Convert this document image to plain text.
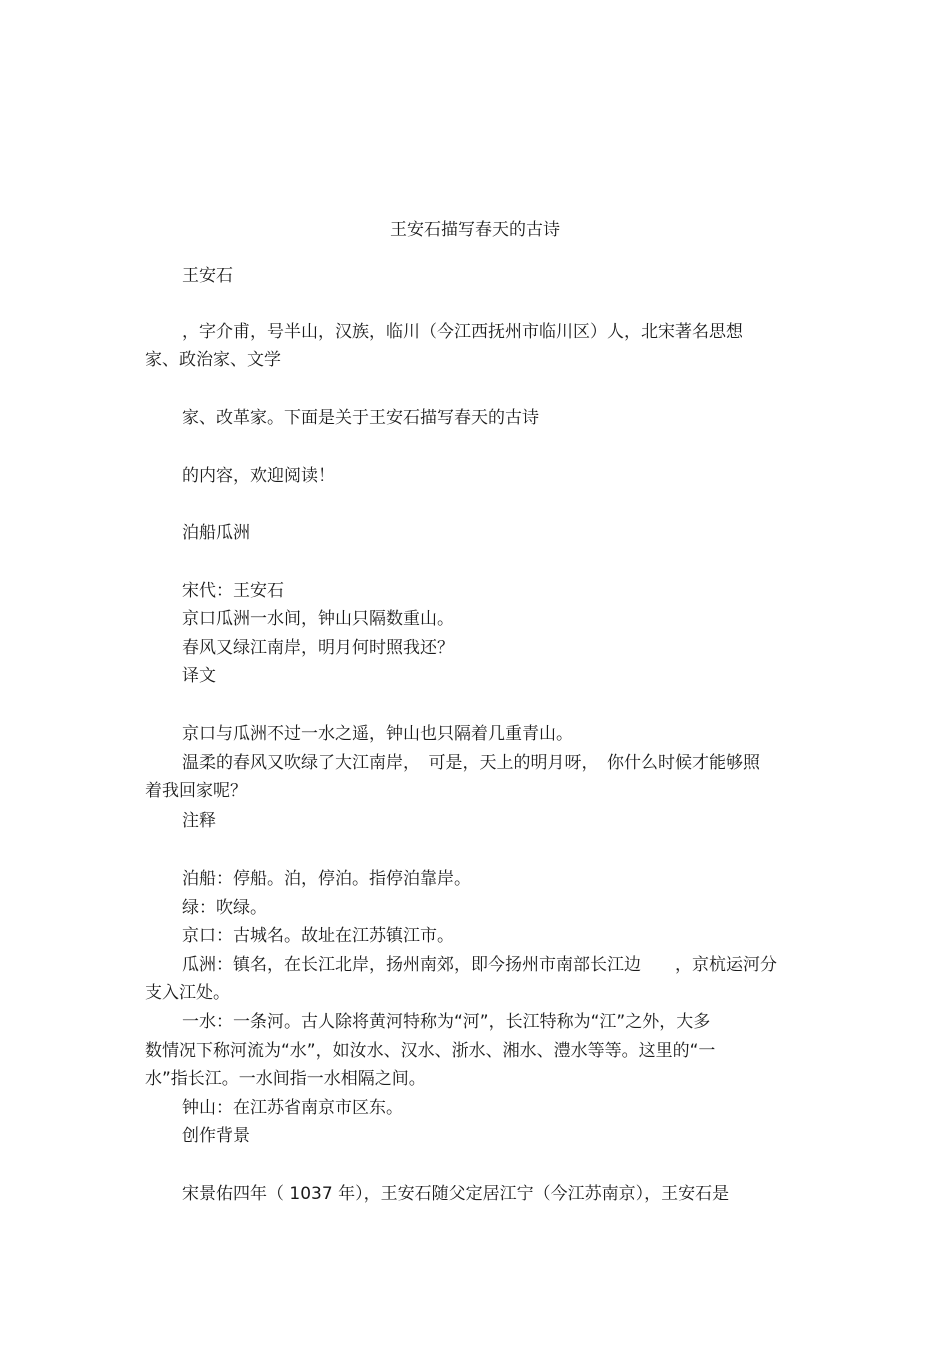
王安石描写春天的古诗
王安石
，字介甫，号半山，汉族，临川（今江西抚州市临川区）人，北宋著名思想
家、政治家、文学
家、改革家。下面是关于王安石描写春天的古诗
的内容，欢迎阅读！
泊船瓜洲
宋代：王安石
京口瓜洲一水间，钟山只隔数重山。
春风又绿江南岸，明月何时照我还？
译文
京口与瓜洲不过一水之遥，钟山也只隔着几重青山。
温柔的春风又吹绿了大江南岸，　可是，天上的明月呀，　你什么时候才能够照
着我回家呢？
注释
泊船：停船。泊，停泊。指停泊靠岸。
绿：吹绿。
京口：古城名。故址在江苏镇江市。
瓜洲：镇名，在长江北岸，扬州南郊，即今扬州市南部长江边　　，京杭运河分
支入江处。
一水：一条河。古人除将黄河特称为“河”，长江特称为“江”之外，大多
数情况下称河流为“水”，如汝水、汉水、浙水、湘水、澧水等等。这里的“一
水”指长江。一水间指一水相隔之间。
钟山：在江苏省南京市区东。
创作背景
宋景佑四年（ 1037 年），王安石随父定居江宁（今江苏南京），王安石是
